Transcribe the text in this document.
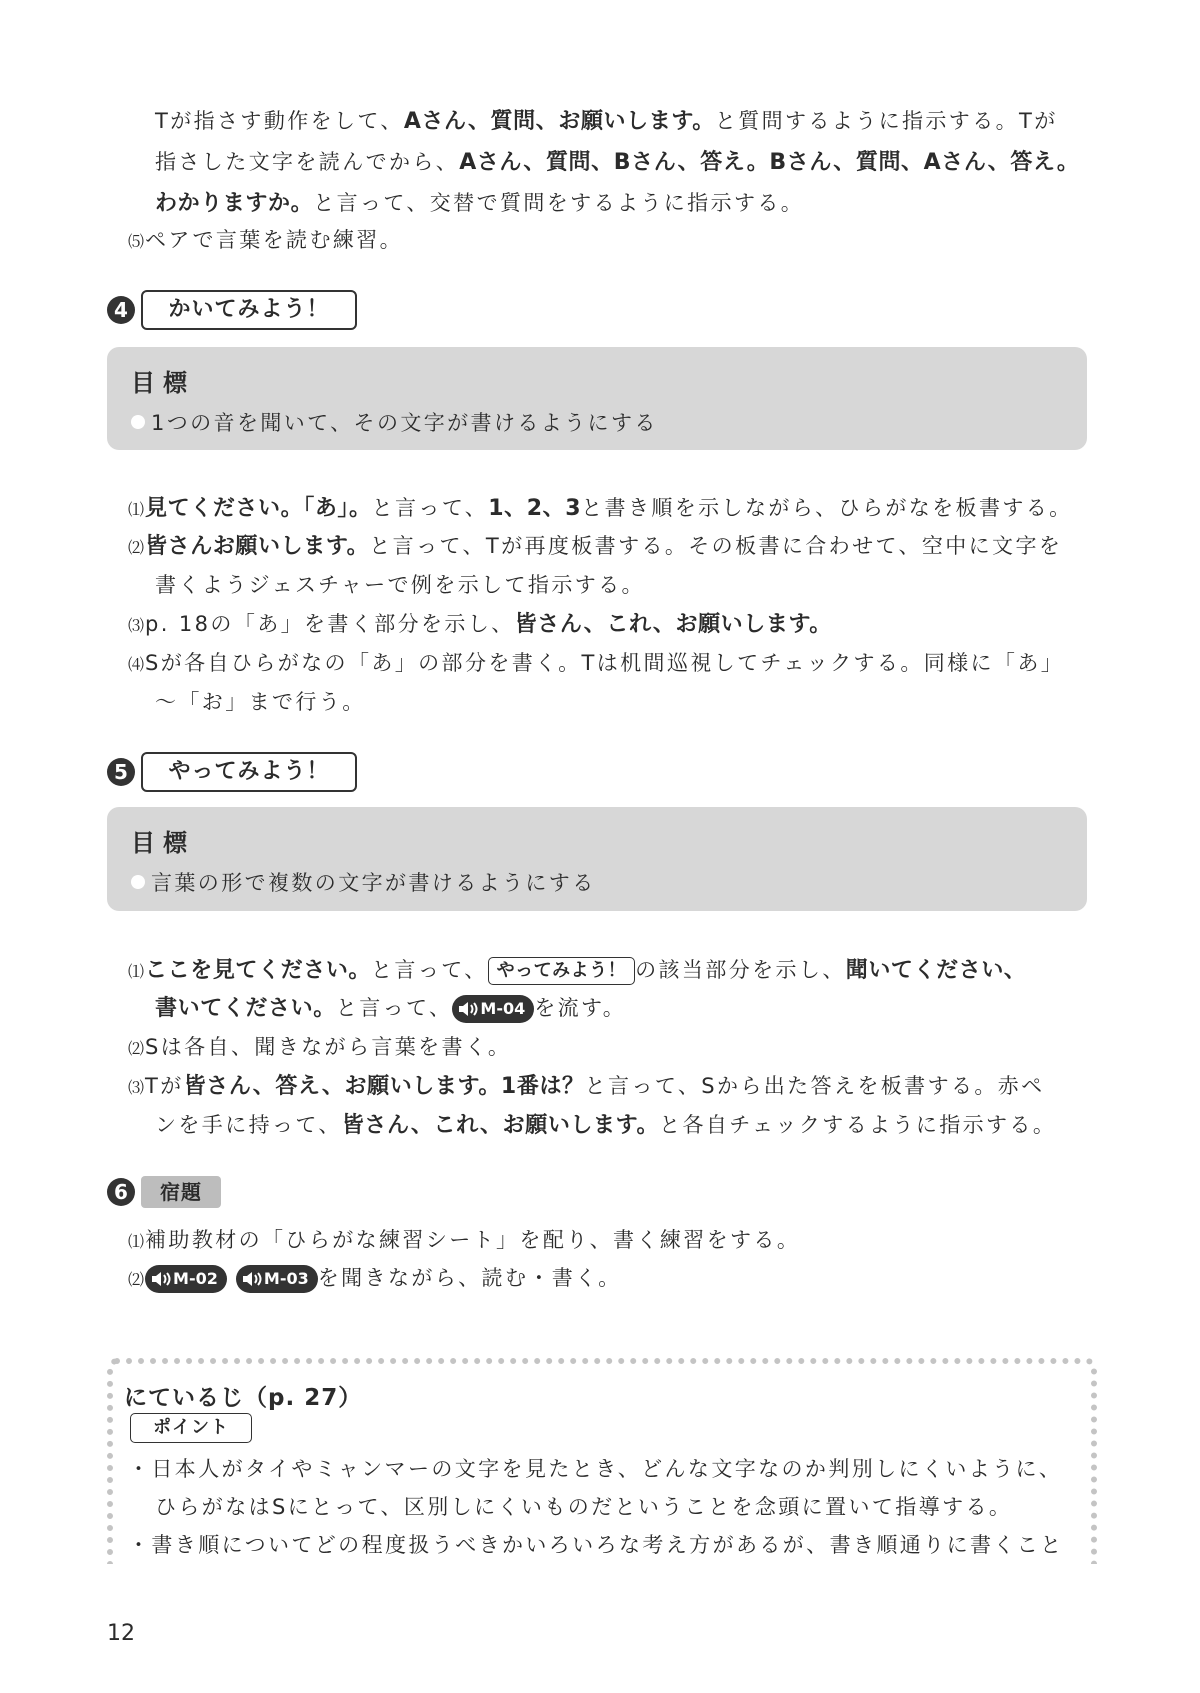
Tが指さす動作をして、Aさん、質問、お願いします。と質問するように指示する。Tが
指さした文字を読んでから、Aさん、質問、Bさん、答え。Bさん、質問、Aさん、答え。
わかりますか。と言って、交替で質問をするように指示する。
⑸ペアで言葉を読む練習。
4	かいてみよう！
目標
1つの音を聞いて、その文字が書けるようにする
⑴見てください。「あ」。と言って、1、2、3と書き順を示しながら、ひらがなを板書する。
⑵皆さんお願いします。と言って、Tが再度板書する。その板書に合わせて、空中に文字を
書くようジェスチャーで例を示して指示する。
⑶p. 18の「あ」を書く部分を示し、皆さん、これ、お願いします。
⑷Sが各自ひらがなの「あ」の部分を書く。Tは机間巡視してチェックする。同様に「あ」
～「お」まで行う。
5	やってみよう！
目標
言葉の形で複数の文字が書けるようにする
⑴ここを見てください。と言って、 やってみよう！ の該当部分を示し、聞いてください、
書いてください。と言って、 M-04 を流す。
⑵Sは各自、聞きながら言葉を書く。
⑶Tが皆さん、答え、お願いします。1番は？と言って、Sから出た答えを板書する。赤ペ
ンを手に持って、皆さん、これ、お願いします。と各自チェックするように指示する。
6	宿題
⑴補助教材の「ひらがな練習シート」を配り、書く練習をする。
⑵ M-02	M-03 を聞きながら、読む・書く。
にているじ（p. 27）
ポイント
・日本人がタイやミャンマーの文字を見たとき、どんな文字なのか判別しにくいように、
ひらがなはSにとって、区別しにくいものだということを念頭に置いて指導する。
・書き順についてどの程度扱うべきかいろいろな考え方があるが、書き順通りに書くこと
12
